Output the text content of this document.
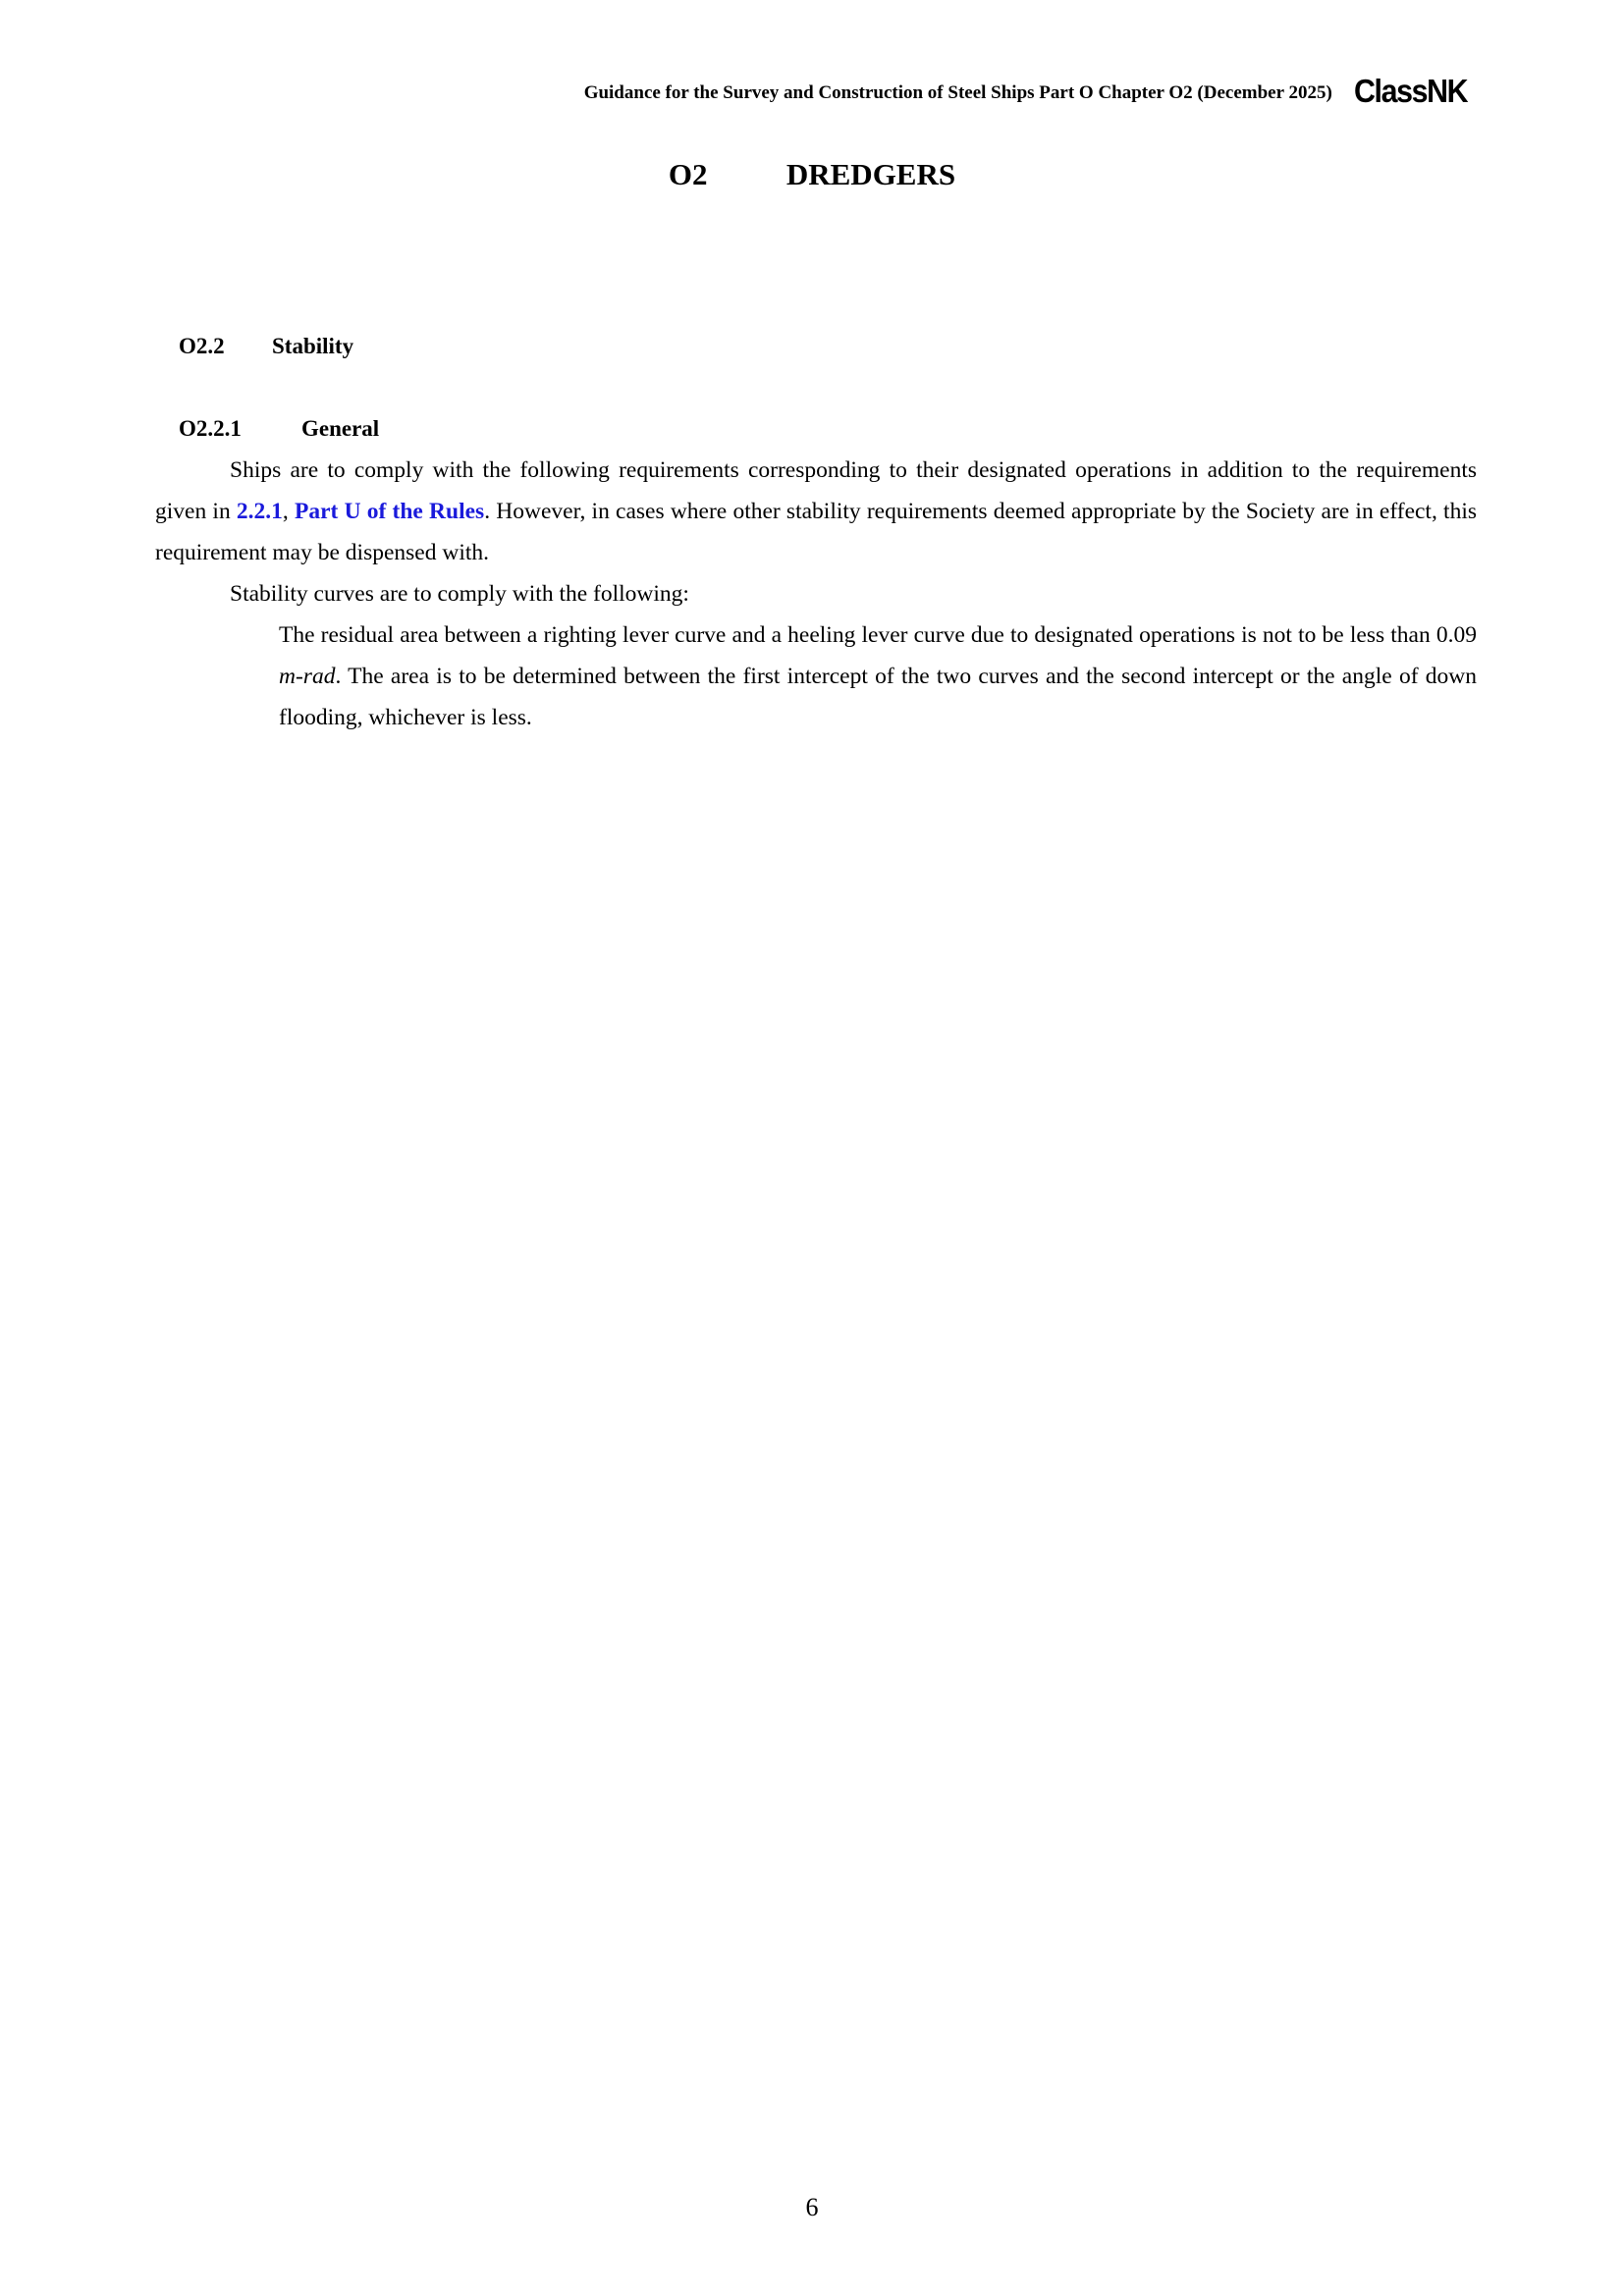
Guidance for the Survey and Construction of Steel Ships Part O Chapter O2 (December 2025) ClassNK
O2	DREDGERS
O2.2 Stability
O2.2.1	General
Ships are to comply with the following requirements corresponding to their designated operations in addition to the requirements given in 2.2.1, Part U of the Rules. However, in cases where other stability requirements deemed appropriate by the Society are in effect, this requirement may be dispensed with.
Stability curves are to comply with the following:
The residual area between a righting lever curve and a heeling lever curve due to designated operations is not to be less than 0.09 m-rad. The area is to be determined between the first intercept of the two curves and the second intercept or the angle of down flooding, whichever is less.
6
